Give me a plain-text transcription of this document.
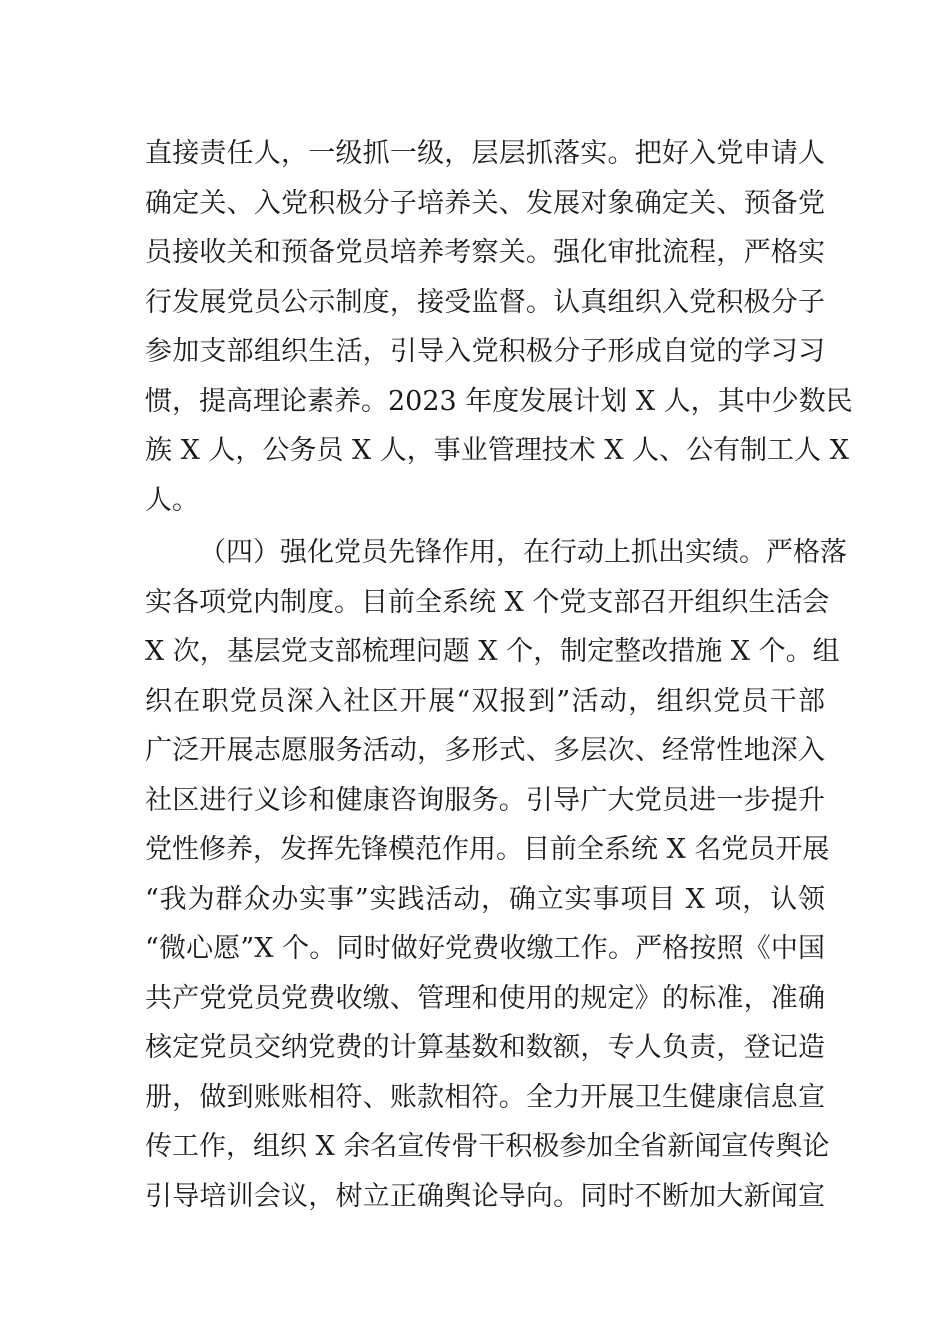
直接责任人，一级抓一级，层层抓落实。把好入党申请人
确定关、入党积极分子培养关、发展对象确定关、预备党
员接收关和预备党员培养考察关。强化审批流程，严格实
行发展党员公示制度，接受监督。认真组织入党积极分子
参加支部组织生活，引导入党积极分子形成自觉的学习习
惯，提高理论素养。2023 年度发展计划 X 人，其中少数民
族 X 人，公务员 X 人，事业管理技术 X 人、公有制工人 X
人。
（四）强化党员先锋作用，在行动上抓出实绩。严格落
实各项党内制度。目前全系统 X 个党支部召开组织生活会
X 次，基层党支部梳理问题 X 个，制定整改措施 X 个。组
织在职党员深入社区开展“双报到”活动，组织党员干部
广泛开展志愿服务活动，多形式、多层次、经常性地深入
社区进行义诊和健康咨询服务。引导广大党员进一步提升
党性修养，发挥先锋模范作用。目前全系统 X 名党员开展
“我为群众办实事”实践活动，确立实事项目 X 项，认领
“微心愿”X 个。同时做好党费收缴工作。严格按照《中国
共产党党员党费收缴、管理和使用的规定》的标准，准确
核定党员交纳党费的计算基数和数额，专人负责，登记造
册，做到账账相符、账款相符。全力开展卫生健康信息宣
传工作，组织 X 余名宣传骨干积极参加全省新闻宣传舆论
引导培训会议，树立正确舆论导向。同时不断加大新闻宣
